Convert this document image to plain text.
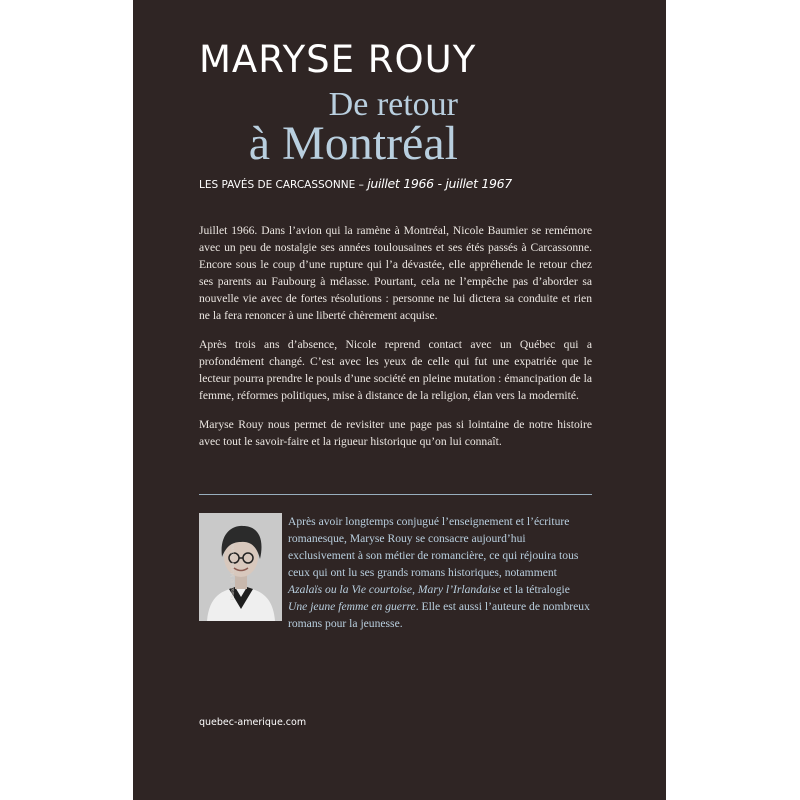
MARYSE ROUY
De retour
à Montréal
LES PAVÉS DE CARCASSONNE – juillet 1966 - juillet 1967

Juillet 1966. Dans l’avion qui la ramène à Montréal, Nicole Baumier se remémore avec un peu de nostalgie ses années toulousaines et ses étés passés à Carcassonne. Encore sous le coup d’une rupture qui l’a dévastée, elle appréhende le retour chez ses parents au Faubourg à mélasse. Pourtant, cela ne l’empêche pas d’aborder sa nouvelle vie avec de fortes résolutions : personne ne lui dictera sa conduite et rien ne la fera renoncer à une liberté chèrement acquise.

Après trois ans d’absence, Nicole reprend contact avec un Québec qui a profondément changé. C’est avec les yeux de celle qui fut une expatriée que le lecteur pourra prendre le pouls d’une société en pleine mutation : émancipation de la femme, réformes politiques, mise à distance de la religion, élan vers la modernité.

Maryse Rouy nous permet de revisiter une page pas si lointaine de notre histoire avec tout le savoir-faire et la rigueur historique qu’on lui connaît.

Photo : © Martine Doyon

Après avoir longtemps conjugué l’enseignement et l’écriture romanesque, Maryse Rouy se consacre aujourd’hui exclusivement à son métier de romancière, ce qui réjouira tous ceux qui ont lu ses grands romans historiques, notamment Azalaïs ou la Vie courtoise, Mary l’Irlandaise et la tétralogie Une jeune femme en guerre. Elle est aussi l’auteure de nombreux romans pour la jeunesse.

quebec-amerique.com
